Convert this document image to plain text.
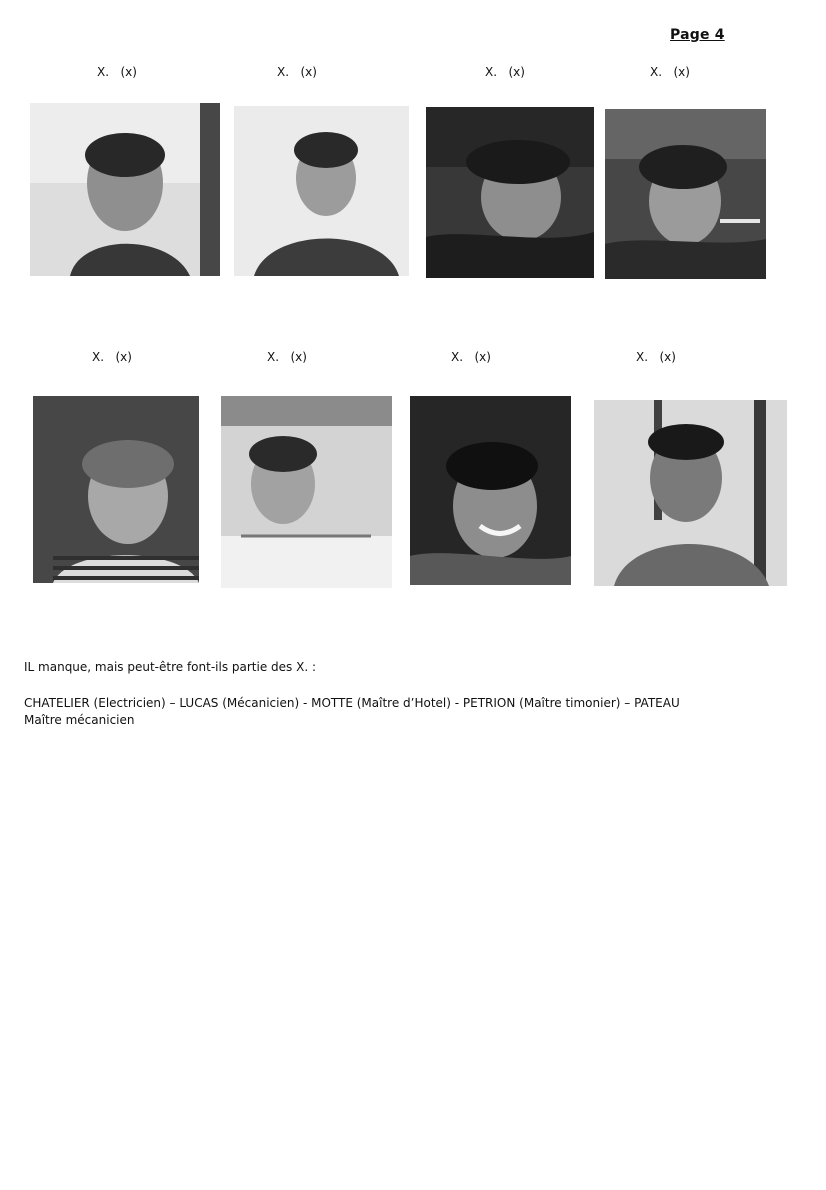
Page 4
X.   (x)	X.   (x)	X.   (x)	X.   (x)
X.   (x)	X.   (x)	X.   (x)	X.   (x)
IL manque, mais peut-être font-ils partie des X. :
CHATELIER (Electricien) – LUCAS (Mécanicien) - MOTTE (Maître d’Hotel) - PETRION (Maître timonier) – PATEAU
Maître mécanicien
